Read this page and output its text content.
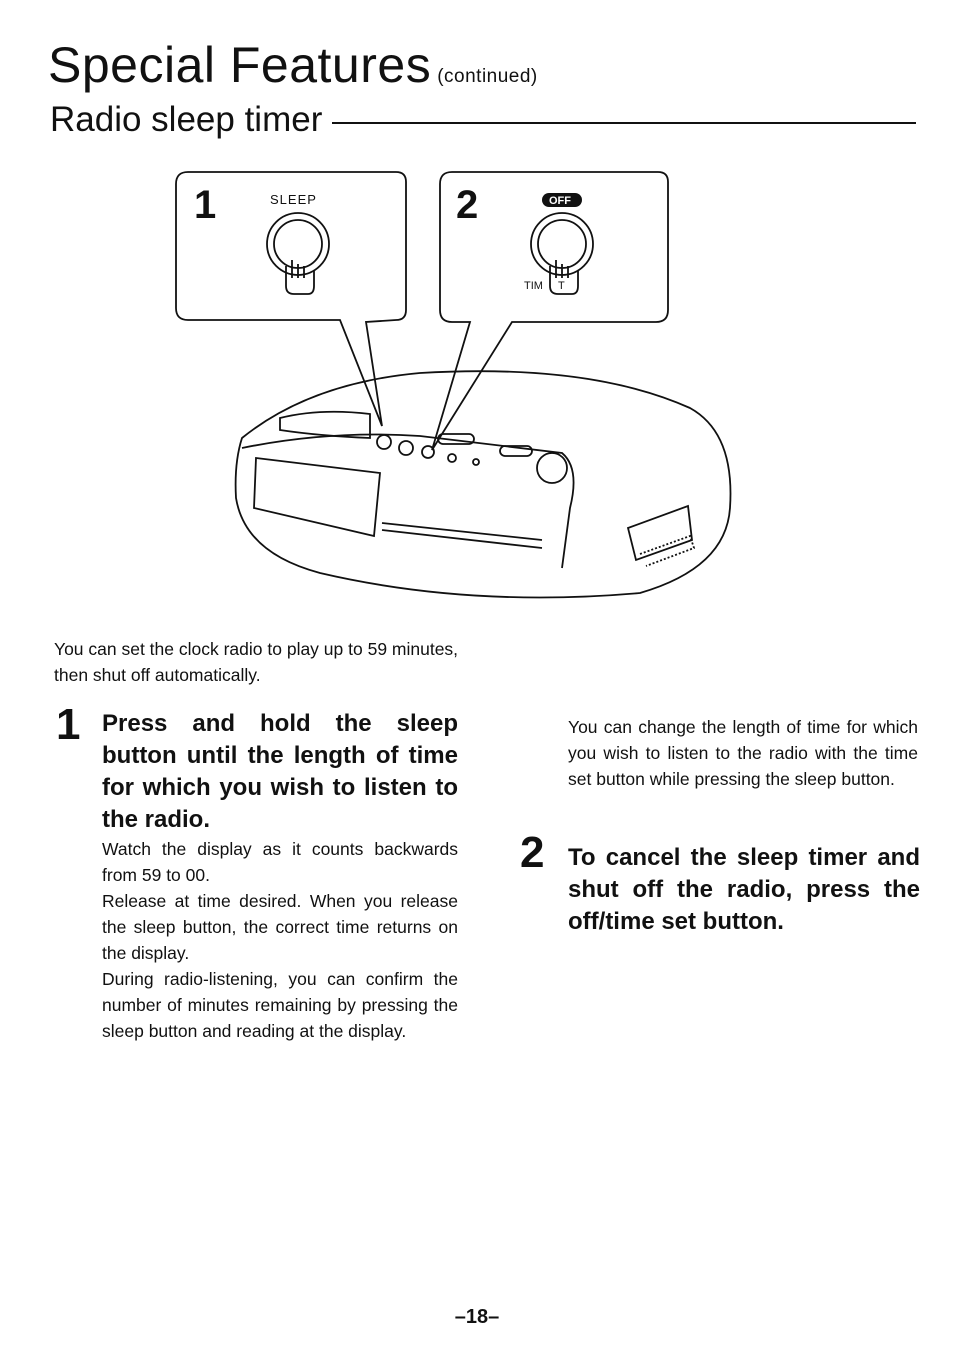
Special Features (continued)
Radio sleep timer
1	SLEEP	2	OFF
TIM     T
You can set the clock radio to play up to 59 minutes, then shut off automatically.
1 Press and hold the sleep button until the length of time for which you wish to listen to the radio.
Watch the display as it counts backwards from 59 to 00.
Release at time desired. When you release the sleep button, the correct time returns on the display.
During radio-listening, you can confirm the number of minutes remaining by pressing the sleep button and reading at the display.
You can change the length of time for which you wish to listen to the radio with the time set button while pressing the sleep button.
2 To cancel the sleep timer and shut off the radio, press the off/time set button.
–18–
